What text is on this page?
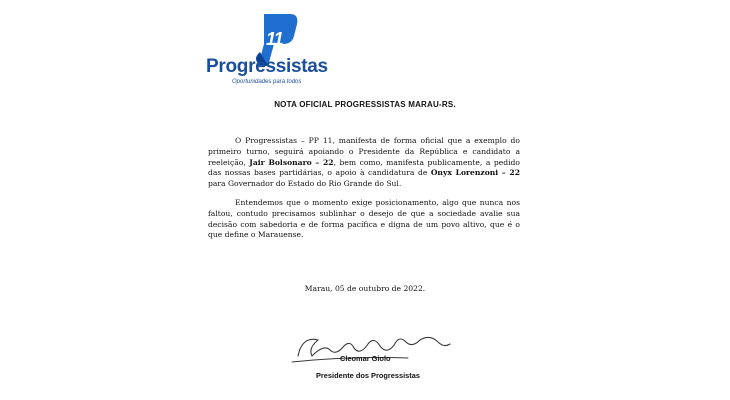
11
Progressistas
Oportunidades para todos
NOTA OFICIAL PROGRESSISTAS MARAU-RS.

O Progressistas – PP 11, manifesta de forma oficial que a exemplo do primeiro turno, seguirá apoiando o Presidente da República e candidato a reeleição, Jair Bolsonaro – 22, bem como, manifesta publicamente, a pedido das nossas bases partidárias, o apoio à candidatura de Onyx Lorenzoni – 22 para Governador do Estado do Rio Grande do Sul.

Entendemos que o momento exige posicionamento, algo que nunca nos faltou, contudo precisamos sublinhar o desejo de que a sociedade avalie sua decisão com sabedoria e de forma pacífica e digna de um povo altivo, que é o que define o Marauense.

Marau, 05 de outubro de 2022.
Cleomar Giolo
Presidente dos Progressistas
